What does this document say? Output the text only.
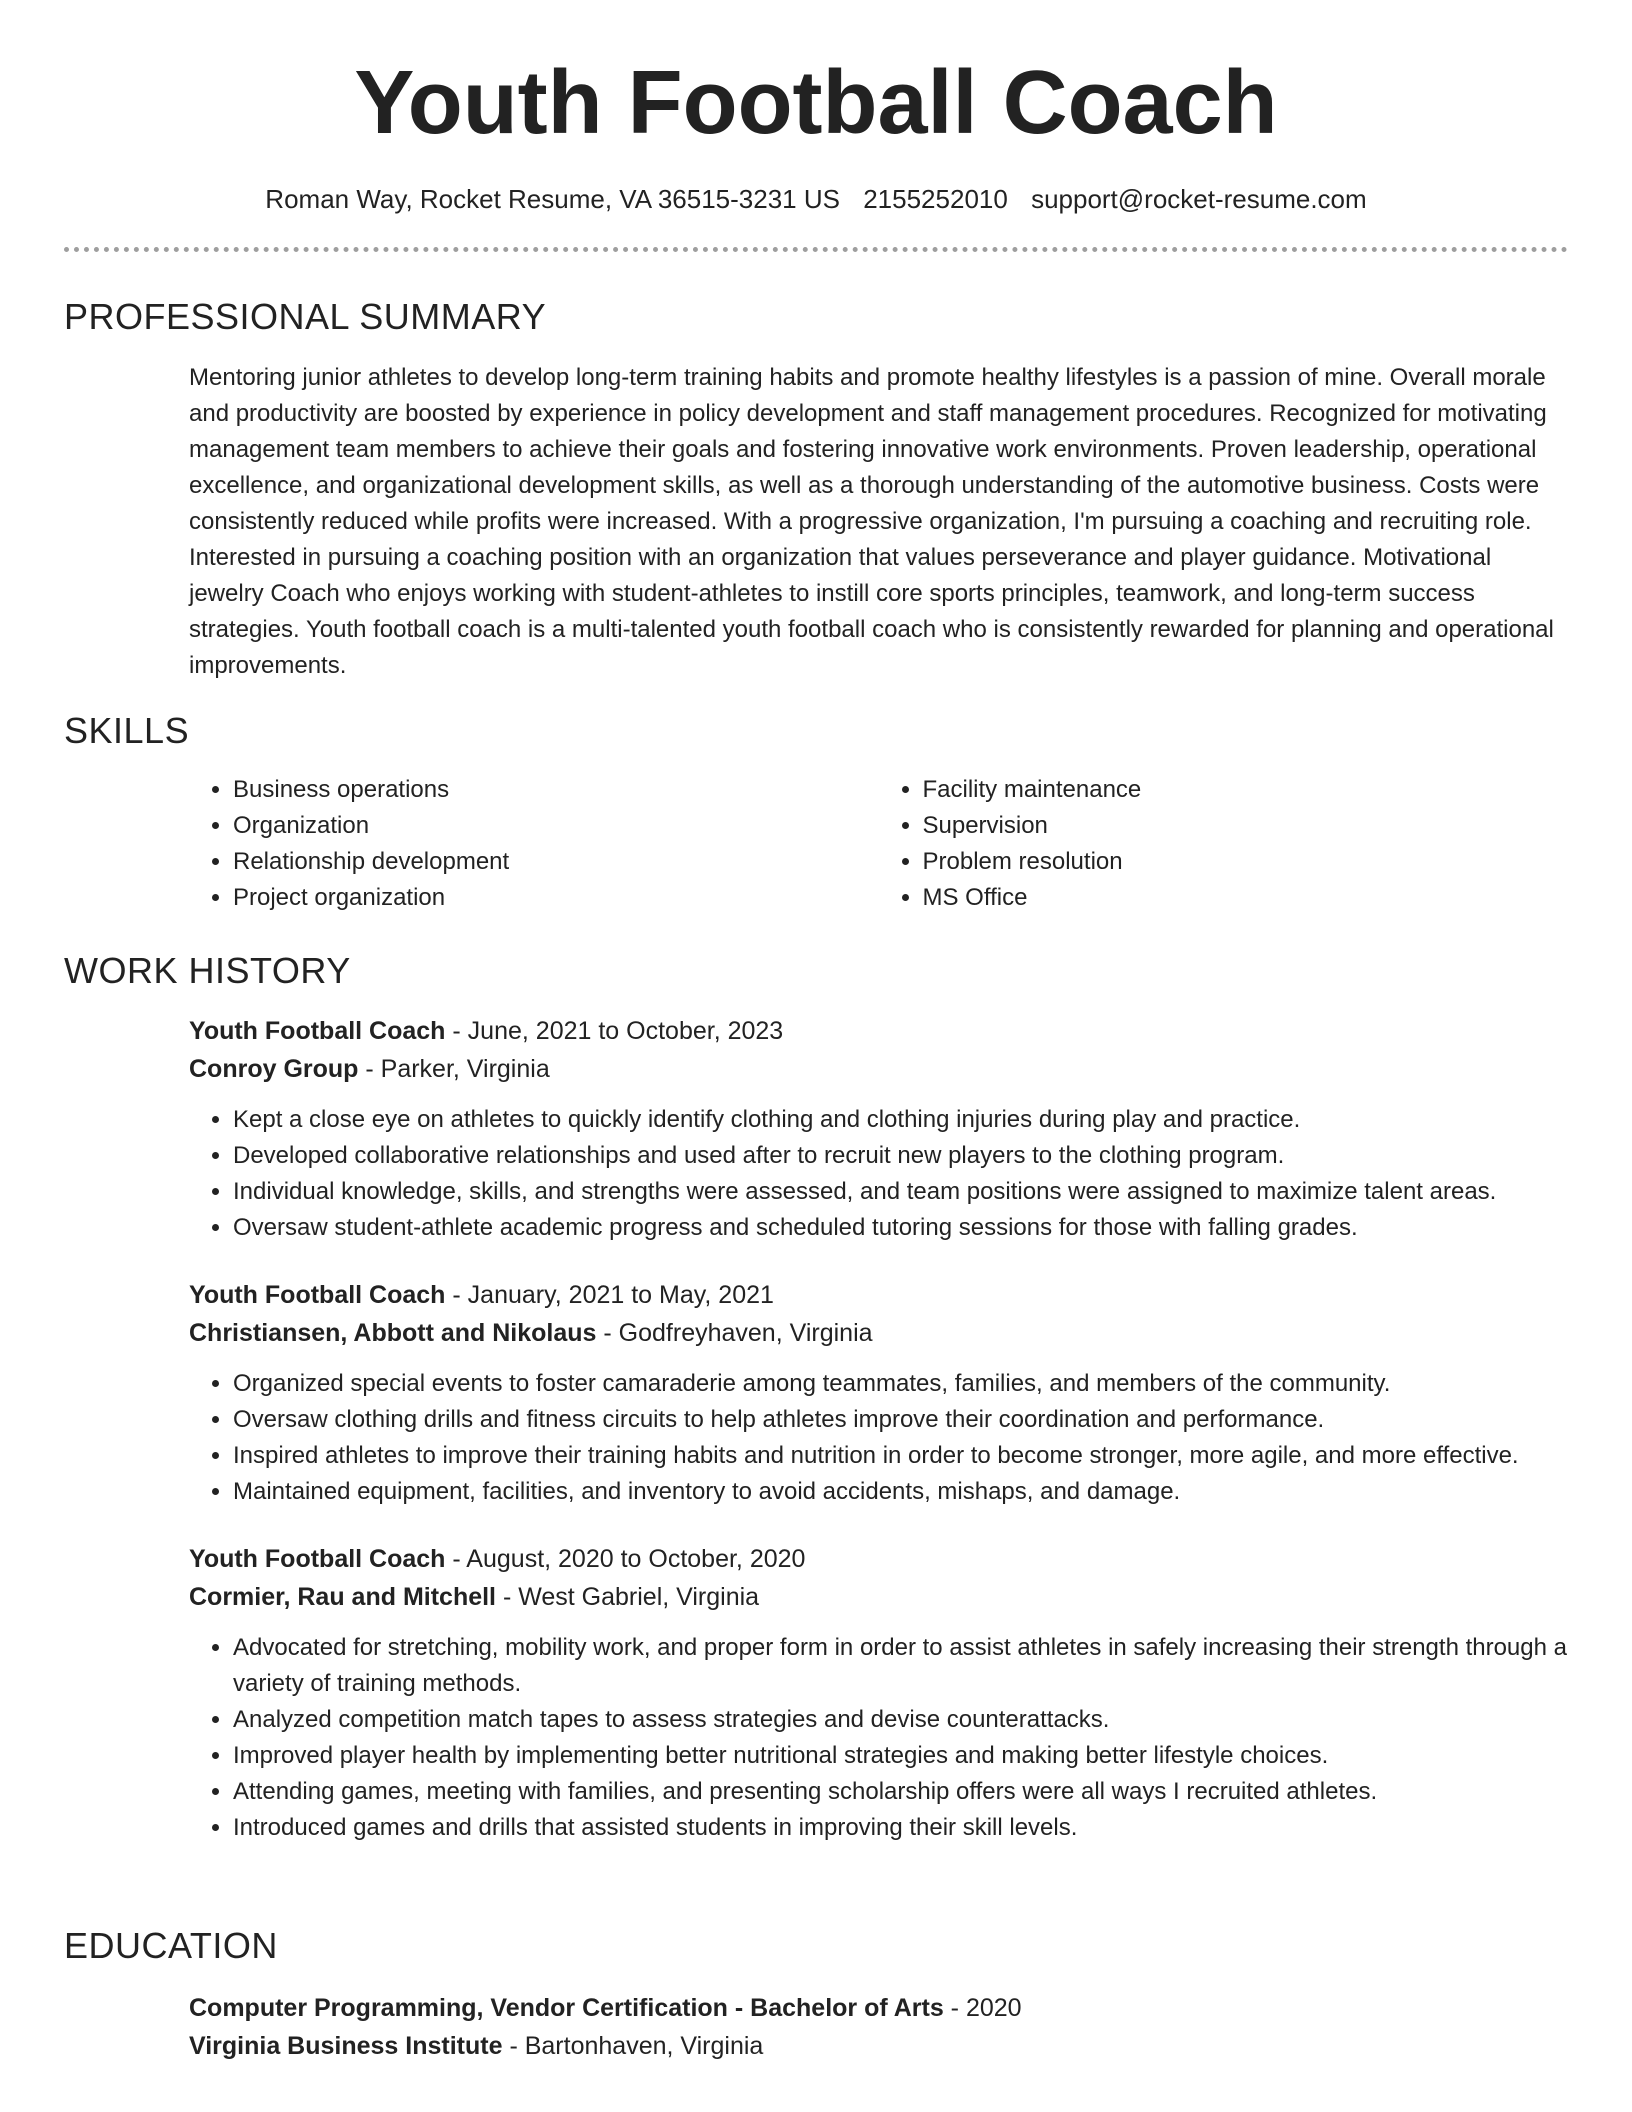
Youth Football Coach
Roman Way, Rocket Resume, VA 36515-3231 US 2155252010 support@rocket-resume.com
PROFESSIONAL SUMMARY

Mentoring junior athletes to develop long-term training habits and promote healthy lifestyles is a passion of mine. Overall morale and productivity are boosted by experience in policy development and staff management procedures. Recognized for motivating management team members to achieve their goals and fostering innovative work environments. Proven leadership, operational excellence, and organizational development skills, as well as a thorough understanding of the automotive business. Costs were consistently reduced while profits were increased. With a progressive organization, I'm pursuing a coaching and recruiting role. Interested in pursuing a coaching position with an organization that values perseverance and player guidance. Motivational jewelry Coach who enjoys working with student-athletes to instill core sports principles, teamwork, and long-term success strategies. Youth football coach is a multi-talented youth football coach who is consistently rewarded for planning and operational improvements.

SKILLS
• Business operations
• Organization
• Relationship development
• Project organization
• Facility maintenance
• Supervision
• Problem resolution
• MS Office
WORK HISTORY
Youth Football Coach - June, 2021 to October, 2023
Conroy Group - Parker, Virginia
• Kept a close eye on athletes to quickly identify clothing and clothing injuries during play and practice.
• Developed collaborative relationships and used after to recruit new players to the clothing program.
• Individual knowledge, skills, and strengths were assessed, and team positions were assigned to maximize talent areas.
• Oversaw student-athlete academic progress and scheduled tutoring sessions for those with falling grades.
Youth Football Coach - January, 2021 to May, 2021
Christiansen, Abbott and Nikolaus - Godfreyhaven, Virginia
• Organized special events to foster camaraderie among teammates, families, and members of the community.
• Oversaw clothing drills and fitness circuits to help athletes improve their coordination and performance.
• Inspired athletes to improve their training habits and nutrition in order to become stronger, more agile, and more effective.
• Maintained equipment, facilities, and inventory to avoid accidents, mishaps, and damage.
Youth Football Coach - August, 2020 to October, 2020
Cormier, Rau and Mitchell - West Gabriel, Virginia
• Advocated for stretching, mobility work, and proper form in order to assist athletes in safely increasing their strength through a variety of training methods.
• Analyzed competition match tapes to assess strategies and devise counterattacks.
• Improved player health by implementing better nutritional strategies and making better lifestyle choices.
• Attending games, meeting with families, and presenting scholarship offers were all ways I recruited athletes.
• Introduced games and drills that assisted students in improving their skill levels.
EDUCATION
Computer Programming, Vendor Certification - Bachelor of Arts - 2020
Virginia Business Institute - Bartonhaven, Virginia
